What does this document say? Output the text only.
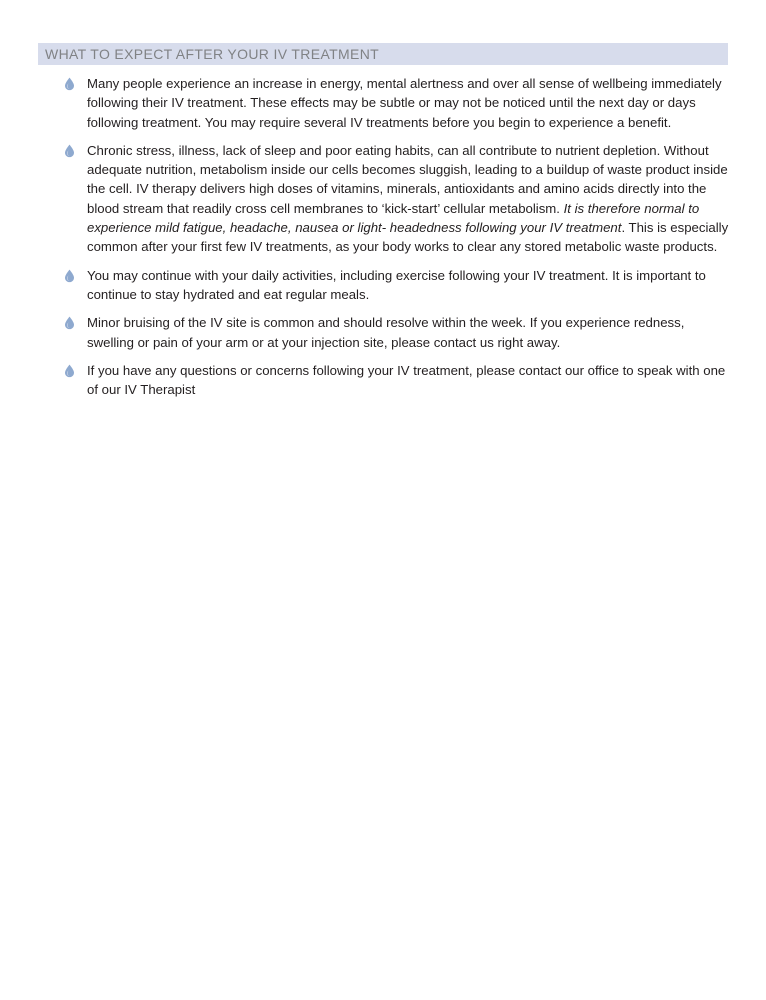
WHAT TO EXPECT AFTER YOUR IV TREATMENT
Many people experience an increase in energy, mental alertness and over all sense of wellbeing immediately following their IV treatment. These effects may be subtle or may not be noticed until the next day or days following treatment. You may require several IV treatments before you begin to experience a benefit.
Chronic stress, illness, lack of sleep and poor eating habits, can all contribute to nutrient depletion. Without adequate nutrition, metabolism inside our cells becomes sluggish, leading to a buildup of waste product inside the cell. IV therapy delivers high doses of vitamins, minerals, antioxidants and amino acids directly into the blood stream that readily cross cell membranes to ‘kick-start’ cellular metabolism. It is therefore normal to experience mild fatigue, headache, nausea or light- headedness following your IV treatment. This is especially common after your first few IV treatments, as your body works to clear any stored metabolic waste products.
You may continue with your daily activities, including exercise following your IV treatment. It is important to continue to stay hydrated and eat regular meals.
Minor bruising of the IV site is common and should resolve within the week. If you experience redness, swelling or pain of your arm or at your injection site, please contact us right away.
If you have any questions or concerns following your IV treatment, please contact our office to speak with one of our IV Therapist
